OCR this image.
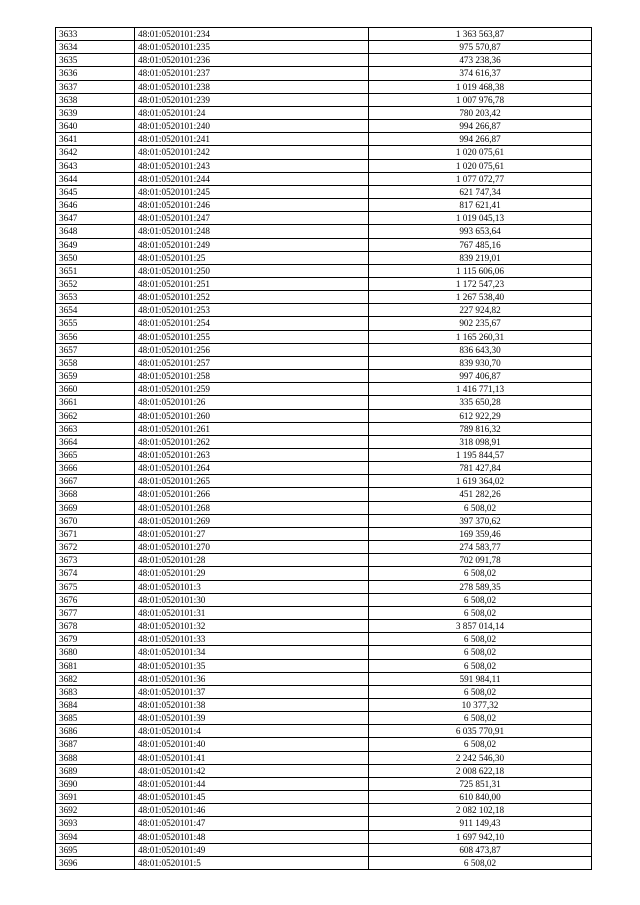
3633	48:01:0520101:234	1 363 563,87
3634	48:01:0520101:235	975 570,87
3635	48:01:0520101:236	473 238,36
3636	48:01:0520101:237	374 616,37
3637	48:01:0520101:238	1 019 468,38
3638	48:01:0520101:239	1 007 976,78
3639	48:01:0520101:24	780 203,42
3640	48:01:0520101:240	994 266,87
3641	48:01:0520101:241	994 266,87
3642	48:01:0520101:242	1 020 075,61
3643	48:01:0520101:243	1 020 075,61
3644	48:01:0520101:244	1 077 072,77
3645	48:01:0520101:245	621 747,34
3646	48:01:0520101:246	817 621,41
3647	48:01:0520101:247	1 019 045,13
3648	48:01:0520101:248	993 653,64
3649	48:01:0520101:249	767 485,16
3650	48:01:0520101:25	839 219,01
3651	48:01:0520101:250	1 115 606,06
3652	48:01:0520101:251	1 172 547,23
3653	48:01:0520101:252	1 267 538,40
3654	48:01:0520101:253	227 924,82
3655	48:01:0520101:254	902 235,67
3656	48:01:0520101:255	1 165 260,31
3657	48:01:0520101:256	836 643,30
3658	48:01:0520101:257	839 930,70
3659	48:01:0520101:258	997 406,87
3660	48:01:0520101:259	1 416 771,13
3661	48:01:0520101:26	335 650,28
3662	48:01:0520101:260	612 922,29
3663	48:01:0520101:261	789 816,32
3664	48:01:0520101:262	318 098,91
3665	48:01:0520101:263	1 195 844,57
3666	48:01:0520101:264	781 427,84
3667	48:01:0520101:265	1 619 364,02
3668	48:01:0520101:266	451 282,26
3669	48:01:0520101:268	6 508,02
3670	48:01:0520101:269	397 370,62
3671	48:01:0520101:27	169 359,46
3672	48:01:0520101:270	274 583,77
3673	48:01:0520101:28	702 091,78
3674	48:01:0520101:29	6 508,02
3675	48:01:0520101:3	278 589,35
3676	48:01:0520101:30	6 508,02
3677	48:01:0520101:31	6 508,02
3678	48:01:0520101:32	3 857 014,14
3679	48:01:0520101:33	6 508,02
3680	48:01:0520101:34	6 508,02
3681	48:01:0520101:35	6 508,02
3682	48:01:0520101:36	591 984,11
3683	48:01:0520101:37	6 508,02
3684	48:01:0520101:38	10 377,32
3685	48:01:0520101:39	6 508,02
3686	48:01:0520101:4	6 035 770,91
3687	48:01:0520101:40	6 508,02
3688	48:01:0520101:41	2 242 546,30
3689	48:01:0520101:42	2 008 622,18
3690	48:01:0520101:44	725 851,31
3691	48:01:0520101:45	610 840,00
3692	48:01:0520101:46	2 082 102,18
3693	48:01:0520101:47	911 149,43
3694	48:01:0520101:48	1 697 942,10
3695	48:01:0520101:49	608 473,87
3696	48:01:0520101:5	6 508,02
